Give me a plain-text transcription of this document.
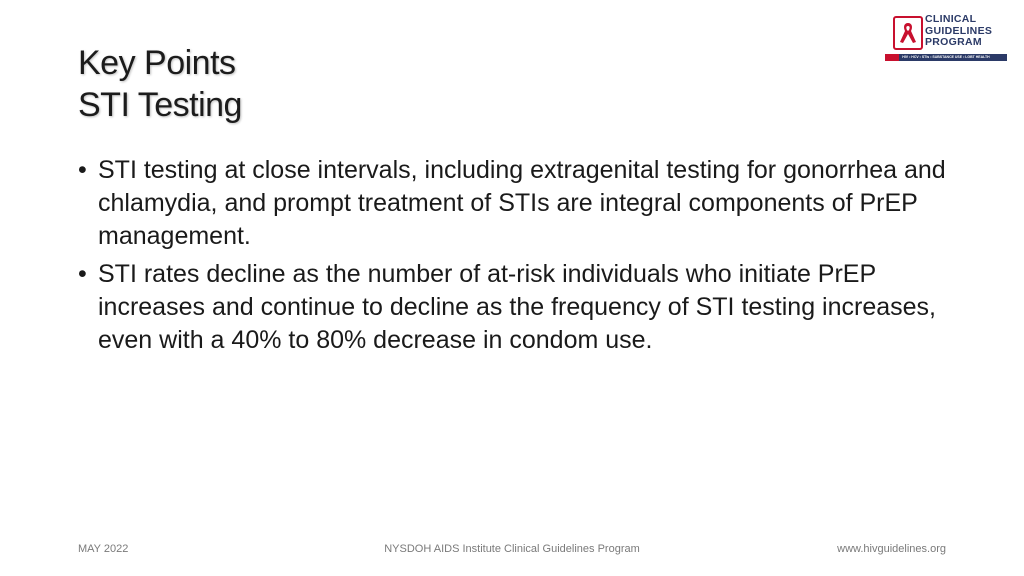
Key Points
STI Testing
CLINICAL
GUIDELINES
PROGRAM
HIV • HCV • STIs • SUBSTANCE USE • LGBT HEALTH
• STI testing at close intervals, including extragenital testing for gonorrhea and chlamydia, and prompt treatment of STIs are integral components of PrEP management.
• STI rates decline as the number of at-risk individuals who initiate PrEP increases and continue to decline as the frequency of STI testing increases, even with a 40% to 80% decrease in condom use.
MAY 2022	NYSDOH AIDS Institute Clinical Guidelines Program	www.hivguidelines.org
